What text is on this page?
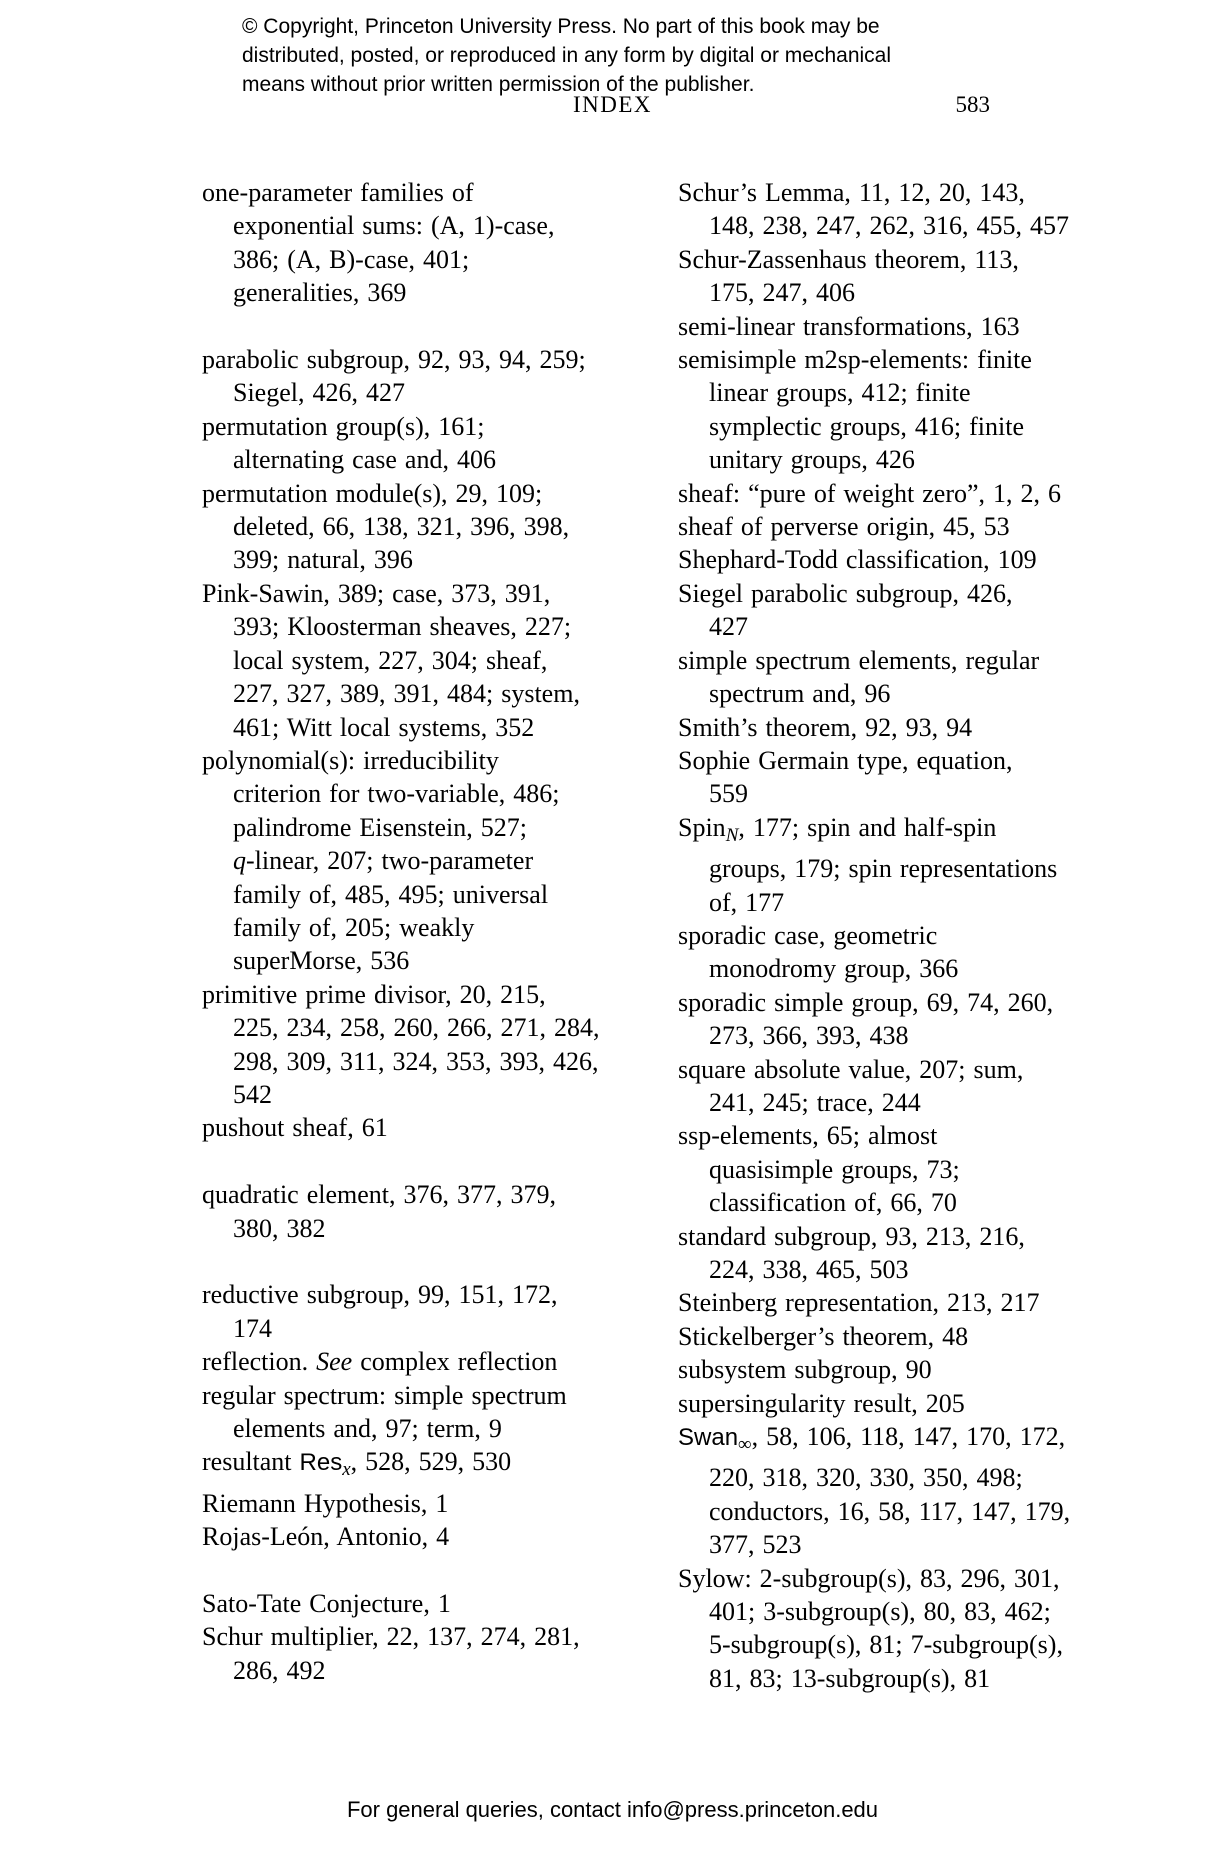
© Copyright, Princeton University Press. No part of this book may be
distributed, posted, or reproduced in any form by digital or mechanical
means without prior written permission of the publisher.
INDEX	583
one-parameter families of
exponential sums: (A, 1)-case,
386; (A, B)-case, 401;
generalities, 369

parabolic subgroup, 92, 93, 94, 259;
Siegel, 426, 427
permutation group(s), 161;
alternating case and, 406
permutation module(s), 29, 109;
deleted, 66, 138, 321, 396, 398,
399; natural, 396
Pink-Sawin, 389; case, 373, 391,
393; Kloosterman sheaves, 227;
local system, 227, 304; sheaf,
227, 327, 389, 391, 484; system,
461; Witt local systems, 352
polynomial(s): irreducibility
criterion for two-variable, 486;
palindrome Eisenstein, 527;
q-linear, 207; two-parameter
family of, 485, 495; universal
family of, 205; weakly
superMorse, 536
primitive prime divisor, 20, 215,
225, 234, 258, 260, 266, 271, 284,
298, 309, 311, 324, 353, 393, 426,
542
pushout sheaf, 61

quadratic element, 376, 377, 379,
380, 382

reductive subgroup, 99, 151, 172,
174
reflection. See complex reflection
regular spectrum: simple spectrum
elements and, 97; term, 9
resultant Resx, 528, 529, 530
Riemann Hypothesis, 1
Rojas-León, Antonio, 4

Sato-Tate Conjecture, 1
Schur multiplier, 22, 137, 274, 281,
286, 492
Schur’s Lemma, 11, 12, 20, 143,
148, 238, 247, 262, 316, 455, 457
Schur-Zassenhaus theorem, 113,
175, 247, 406
semi-linear transformations, 163
semisimple m2sp-elements: finite
linear groups, 412; finite
symplectic groups, 416; finite
unitary groups, 426
sheaf: “pure of weight zero”, 1, 2, 6
sheaf of perverse origin, 45, 53
Shephard-Todd classification, 109
Siegel parabolic subgroup, 426,
427
simple spectrum elements, regular
spectrum and, 96
Smith’s theorem, 92, 93, 94
Sophie Germain type, equation,
559
SpinN, 177; spin and half-spin
groups, 179; spin representations
of, 177
sporadic case, geometric
monodromy group, 366
sporadic simple group, 69, 74, 260,
273, 366, 393, 438
square absolute value, 207; sum,
241, 245; trace, 244
ssp-elements, 65; almost
quasisimple groups, 73;
classification of, 66, 70
standard subgroup, 93, 213, 216,
224, 338, 465, 503
Steinberg representation, 213, 217
Stickelberger’s theorem, 48
subsystem subgroup, 90
supersingularity result, 205
Swan∞, 58, 106, 118, 147, 170, 172,
220, 318, 320, 330, 350, 498;
conductors, 16, 58, 117, 147, 179,
377, 523
Sylow: 2-subgroup(s), 83, 296, 301,
401; 3-subgroup(s), 80, 83, 462;
5-subgroup(s), 81; 7-subgroup(s),
81, 83; 13-subgroup(s), 81
For general queries, contact info@press.princeton.edu
